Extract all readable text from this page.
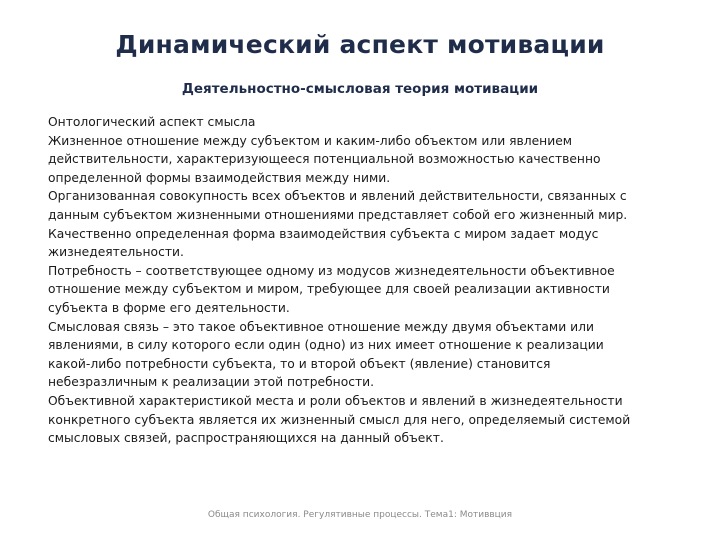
Динамический аспект мотивации
Деятельностно-смысловая теория мотивации

Онтологический аспект смысла

Жизненное отношение между субъектом и каким-либо объектом или явлением действительности, характеризующееся потенциальной возможностью качественно определенной формы взаимодействия между ними.

Организованная совокупность всех объектов и явлений действительности, связанных с данным субъектом жизненными отношениями представляет собой его жизненный мир.

Качественно определенная форма взаимодействия субъекта с миром задает модус жизнедеятельности.

Потребность – соответствующее одному из модусов жизнедеятельности объективное отношение между субъектом и миром, требующее для своей реализации активности субъекта в форме его деятельности.

Смысловая связь – это такое объективное отношение между двумя объектами или явлениями, в силу которого если один (одно) из них имеет отношение к реализации какой-либо потребности субъекта, то и второй объект (явление) становится небезразличным к реализации этой потребности.

Объективной характеристикой места и роли объектов и явлений в жизнедеятельности конкретного субъекта является их жизненный смысл для него, определяемый системой смысловых связей, распространяющихся на данный объект.

Общая психология. Регулятивные процессы. Тема1: Мотиввция
